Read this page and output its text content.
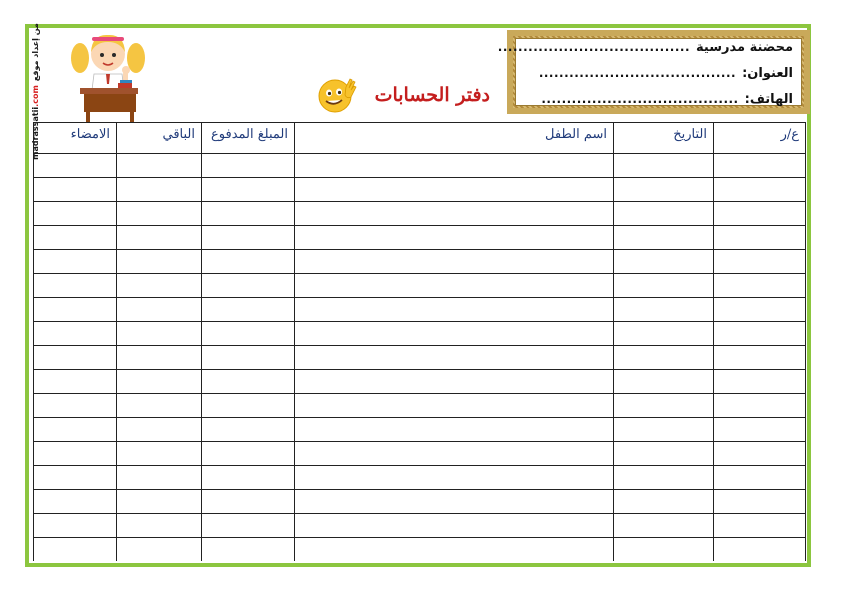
madrassatii.com
من إعداد موقع
دفتر الحسابات
محضنة مدرسية
......................................
العنوان:
.......................................
الهاتف:
.......................................
ع/ر	التاريخ	اسم الطفل	المبلغ المدفوع	الباقي	الامضاء
